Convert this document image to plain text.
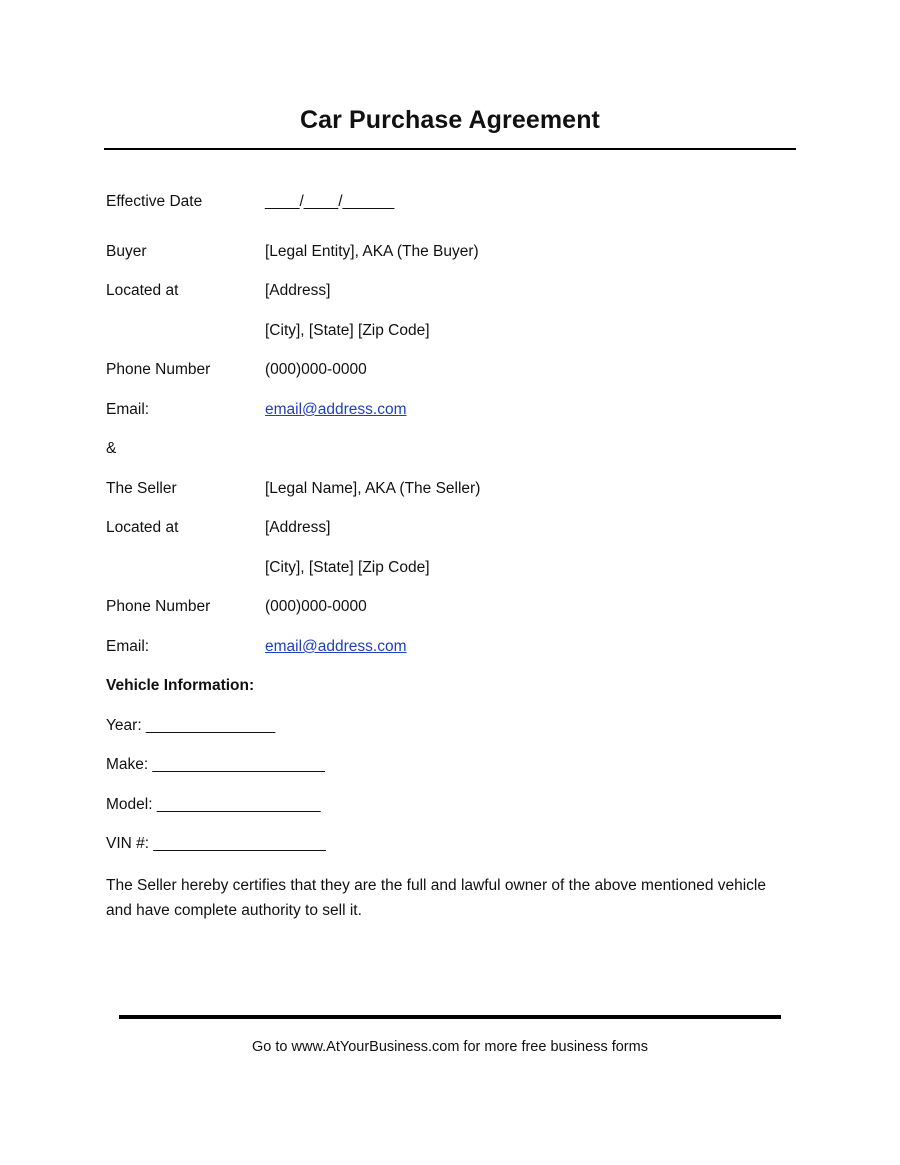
Car Purchase Agreement
Effective Date	____/____/______
Buyer	[Legal Entity], AKA (The Buyer)
Located at	[Address]
[City], [State] [Zip Code]
Phone Number	(000)000-0000
Email:	email@address.com
&
The Seller	[Legal Name], AKA (The Seller)
Located at	[Address]
[City], [State] [Zip Code]
Phone Number	(000)000-0000
Email:	email@address.com
Vehicle Information:
Year: _______________
Make: ____________________
Model: ___________________
VIN #: ____________________
The Seller hereby certifies that they are the full and lawful owner of the above mentioned vehicle and have complete authority to sell it.
Go to www.AtYourBusiness.com for more free business forms
